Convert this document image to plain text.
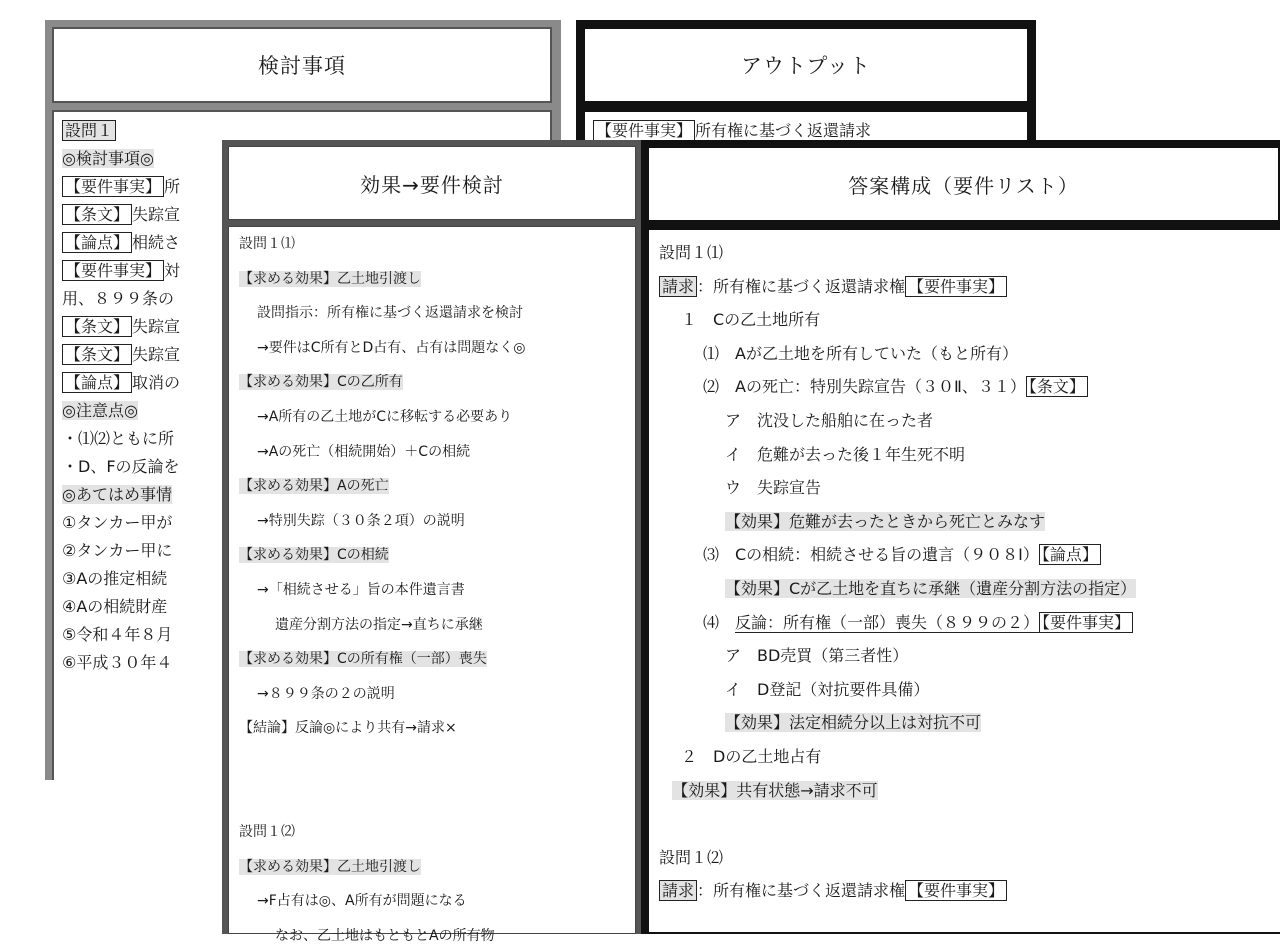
検討事項
設問１
◎検討事項◎
【要件事実】 所
【条文】 失踪宣
【論点】 相続さ
【要件事実】 対
用、８９９条の
【条文】 失踪宣
【条文】 失踪宣
【論点】 取消の
◎注意点◎
・⑴⑵ともに所
・D、Fの反論を
◎あてはめ事情
①タンカー甲が
②タンカー甲に
③Aの推定相続
④Aの相続財産
⑤令和４年８月
⑥平成３０年４
アウトプット
【要件事実】 所有権に基づく返還請求
効果→要件検討
設問１⑴
【求める効果】乙土地引渡し
設問指示：所有権に基づく返還請求を検討
→要件はC所有とD占有、占有は問題なく◎
【求める効果】Cの乙所有
→A所有の乙土地がCに移転する必要あり
→Aの死亡（相続開始）＋Cの相続
【求める効果】Aの死亡
→特別失踪（３０条２項）の説明
【求める効果】Cの相続
→「相続させる」旨の本件遺言書
遺産分割方法の指定→直ちに承継
【求める効果】Cの所有権（一部）喪失
→８９９条の２の説明
【結論】反論◎により共有→請求×
設問１⑵
【求める効果】乙土地引渡し
→F占有は◎、A所有が問題になる
なお、乙土地はもともとAの所有物
答案構成（要件リスト）
設問１⑴
請求 ：所有権に基づく返還請求権 【要件事実】
１　Cの乙土地所有
⑴　Aが乙土地を所有していた（もと所有）
⑵　Aの死亡：特別失踪宣告（３０Ⅱ、３１） 【条文】
ア　沈没した船舶に在った者
イ　危難が去った後１年生死不明
ウ　失踪宣告
【効果】危難が去ったときから死亡とみなす
⑶　Cの相続：相続させる旨の遺言（９０８Ⅰ） 【論点】
【効果】Cが乙土地を直ちに承継（遺産分割方法の指定）
⑷　反論：所有権（一部）喪失（８９９の２） 【要件事実】
ア　BD売買（第三者性）
イ　D登記（対抗要件具備）
【効果】法定相続分以上は対抗不可
２　Dの乙土地占有
【効果】共有状態→請求不可
設問１⑵
請求 ：所有権に基づく返還請求権 【要件事実】
